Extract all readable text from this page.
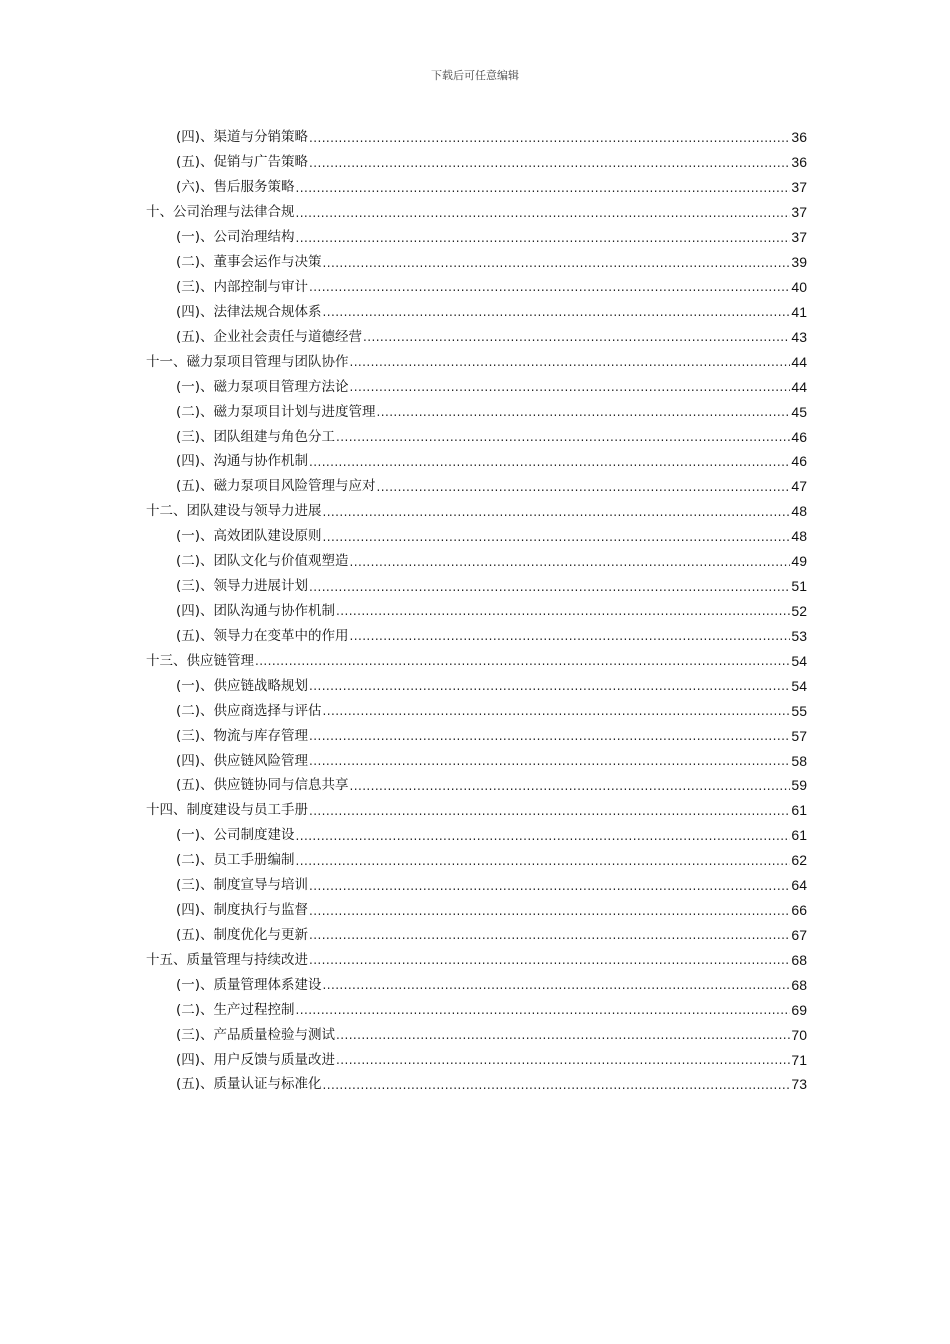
下载后可任意编辑
(四)、渠道与分销策略 .....	36
(五)、促销与广告策略 .....	36
(六)、售后服务策略 .....	37
十、公司治理与法律合规 .....	37
(一)、公司治理结构 .....	37
(二)、董事会运作与决策 .....	39
(三)、内部控制与审计 .....	40
(四)、法律法规合规体系 .....	41
(五)、企业社会责任与道德经营 .....	43
十一、磁力泵项目管理与团队协作 .....	44
(一)、磁力泵项目管理方法论 .....	44
(二)、磁力泵项目计划与进度管理 .....	45
(三)、团队组建与角色分工 .....	46
(四)、沟通与协作机制 .....	46
(五)、磁力泵项目风险管理与应对 .....	47
十二、团队建设与领导力进展 .....	48
(一)、高效团队建设原则 .....	48
(二)、团队文化与价值观塑造 .....	49
(三)、领导力进展计划 .....	51
(四)、团队沟通与协作机制 .....	52
(五)、领导力在变革中的作用 .....	53
十三、供应链管理 .....	54
(一)、供应链战略规划 .....	54
(二)、供应商选择与评估 .....	55
(三)、物流与库存管理 .....	57
(四)、供应链风险管理 .....	58
(五)、供应链协同与信息共享 .....	59
十四、制度建设与员工手册 .....	61
(一)、公司制度建设 .....	61
(二)、员工手册编制 .....	62
(三)、制度宣导与培训 .....	64
(四)、制度执行与监督 .....	66
(五)、制度优化与更新 .....	67
十五、质量管理与持续改进 .....	68
(一)、质量管理体系建设 .....	68
(二)、生产过程控制 .....	69
(三)、产品质量检验与测试 .....	70
(四)、用户反馈与质量改进 .....	71
(五)、质量认证与标准化 .....	73
